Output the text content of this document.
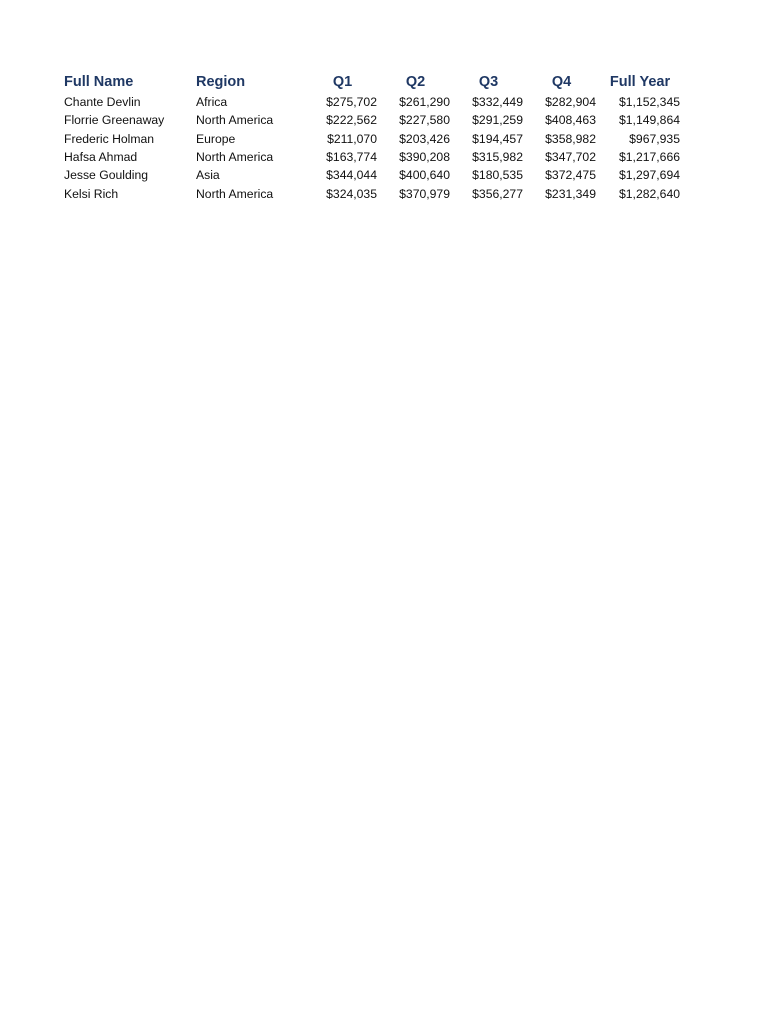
Full Name	Region	Q1	Q2	Q3	Q4	Full Year
Chante Devlin	Africa	$275,702	$261,290	$332,449	$282,904	$1,152,345
Florrie Greenaway	North America	$222,562	$227,580	$291,259	$408,463	$1,149,864
Frederic Holman	Europe	$211,070	$203,426	$194,457	$358,982	$967,935
Hafsa Ahmad	North America	$163,774	$390,208	$315,982	$347,702	$1,217,666
Jesse Goulding	Asia	$344,044	$400,640	$180,535	$372,475	$1,297,694
Kelsi Rich	North America	$324,035	$370,979	$356,277	$231,349	$1,282,640
